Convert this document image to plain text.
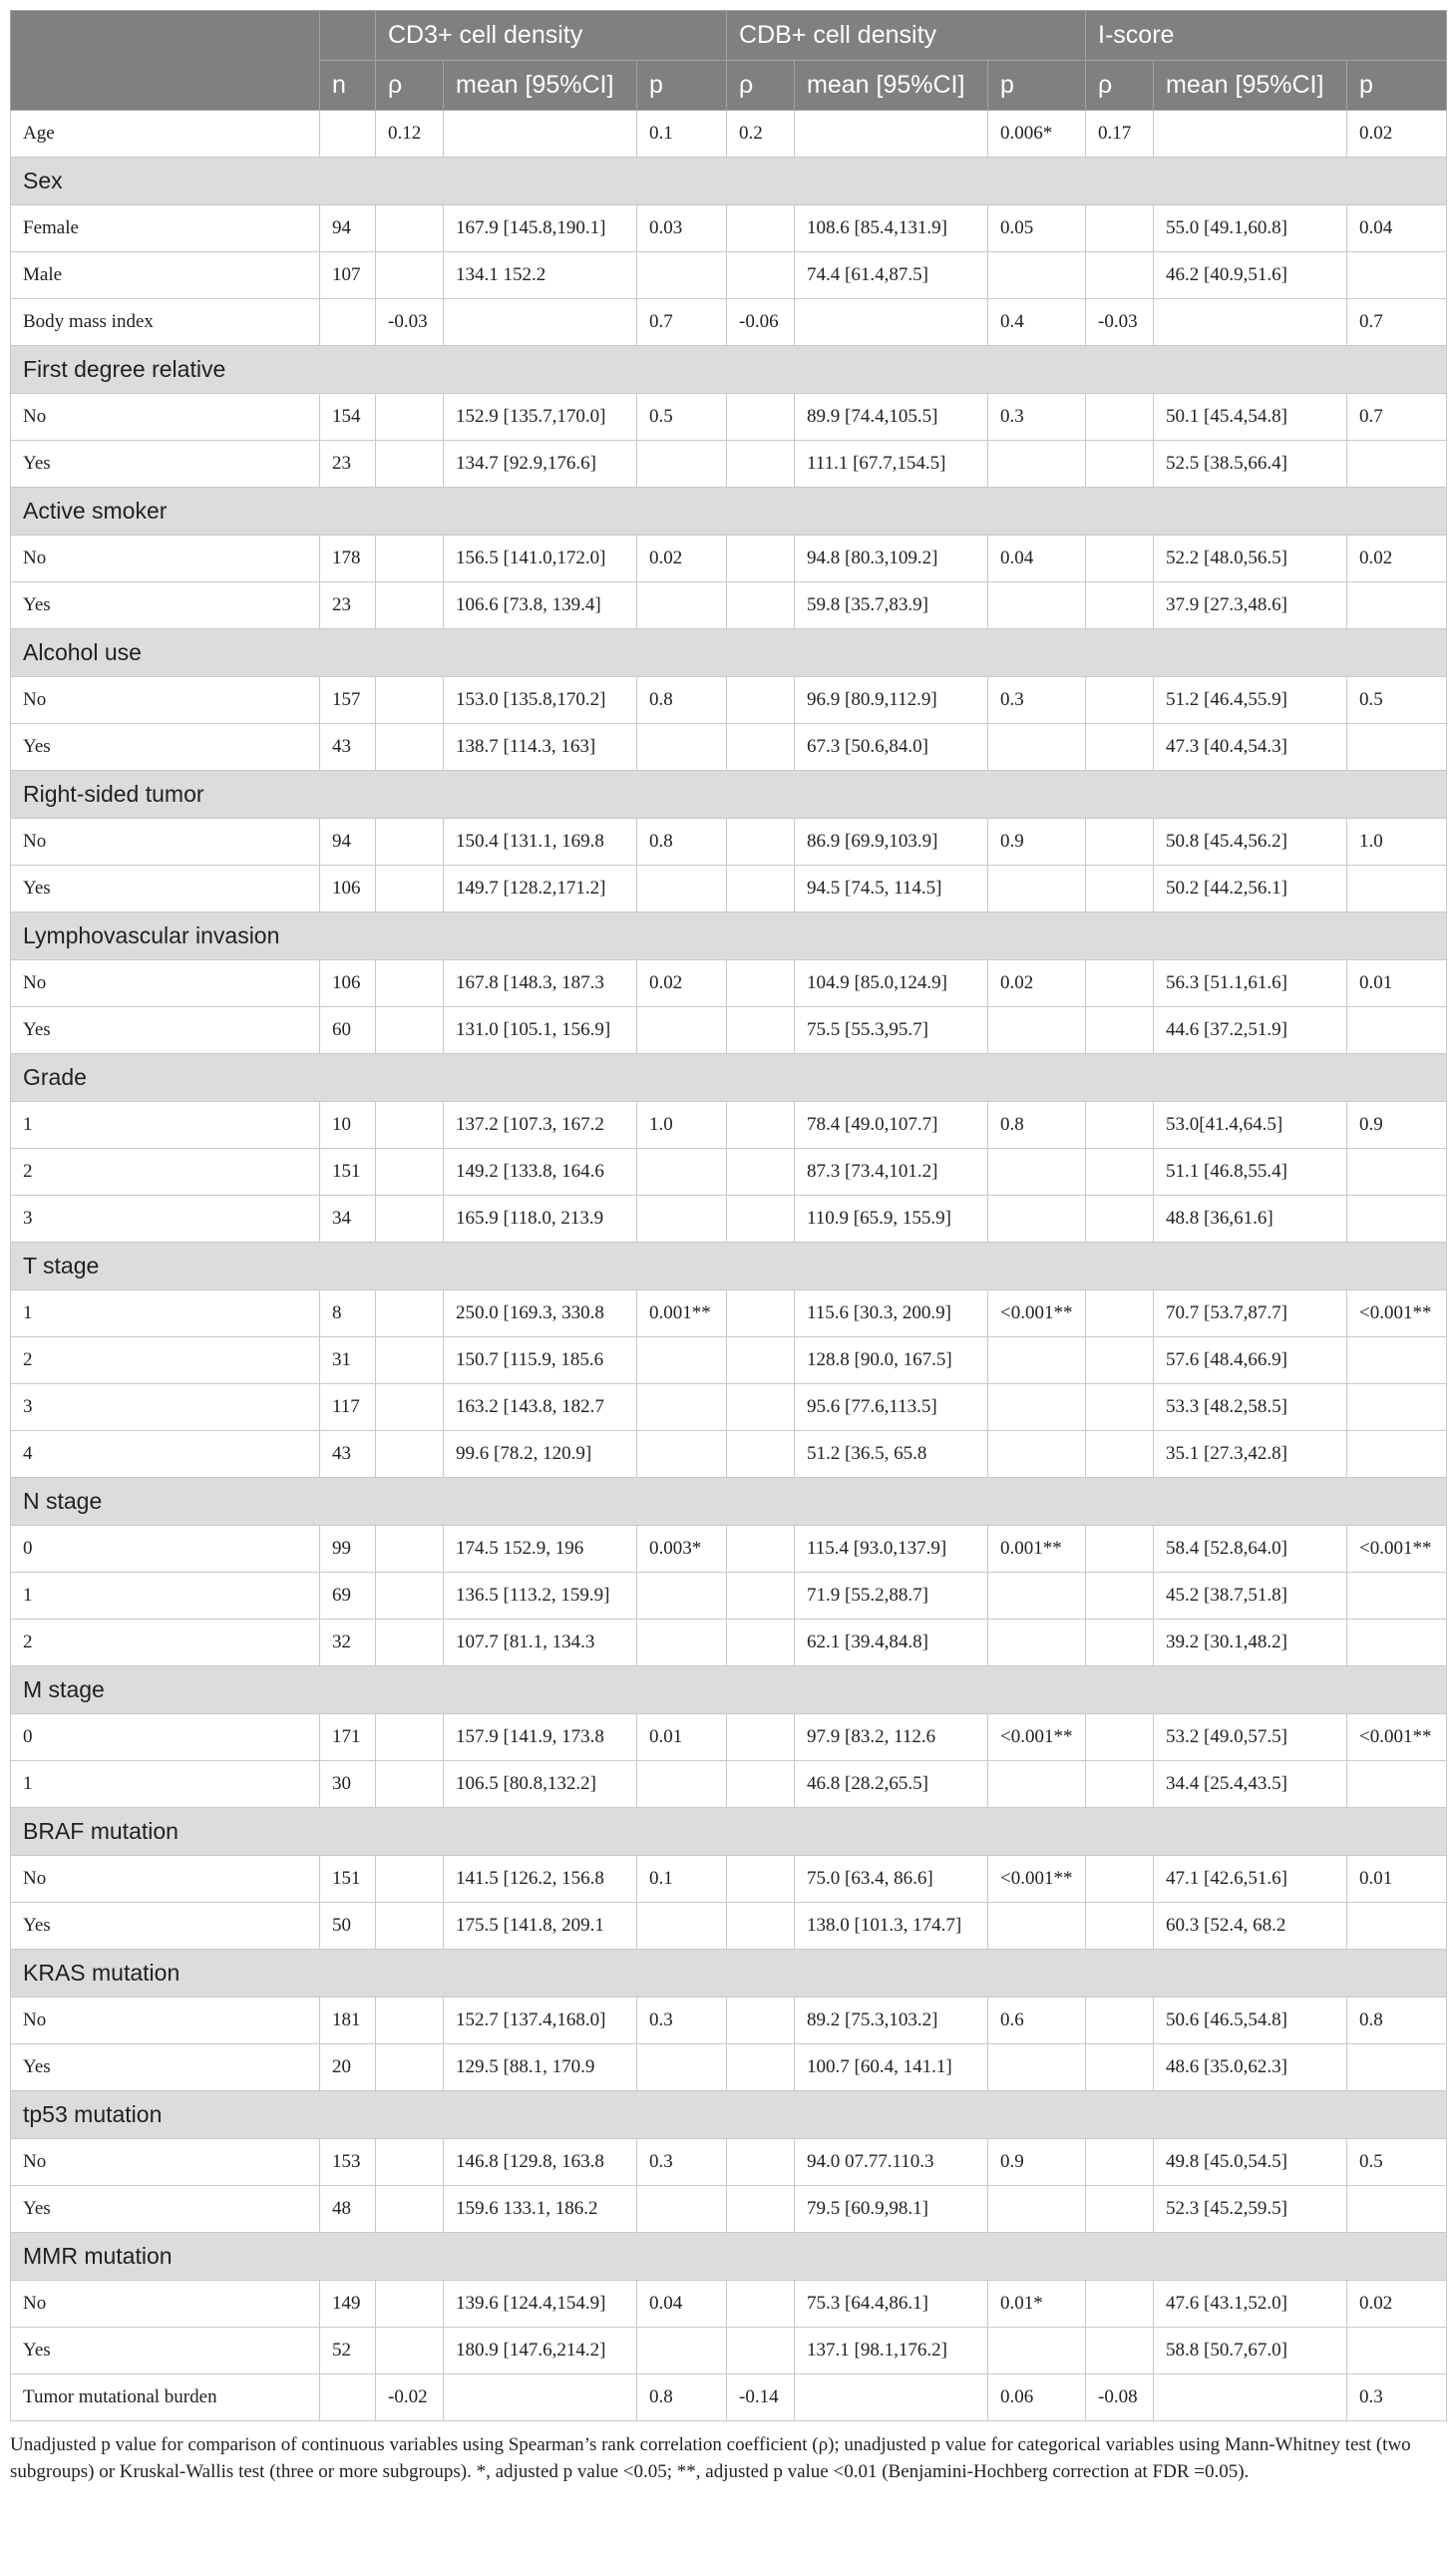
		CD3+ cell density			CDB+ cell density			I-score		
	n	ρ	mean [95%CI]	p	ρ	mean [95%CI]	p	ρ	mean [95%CI]	p
Age		0.12		0.1	0.2		0.006*	0.17		0.02
Sex										
Female	94		167.9 [145.8,190.1]	0.03		108.6 [85.4,131.9]	0.05		55.0 [49.1,60.8]	0.04
Male	107		134.1 152.2			74.4 [61.4,87.5]			46.2 [40.9,51.6]	
Body mass index		-0.03		0.7	-0.06		0.4	-0.03		0.7
First degree relative										
No	154		152.9 [135.7,170.0]	0.5		89.9 [74.4,105.5]	0.3		50.1 [45.4,54.8]	0.7
Yes	23		134.7 [92.9,176.6]			111.1 [67.7,154.5]			52.5 [38.5,66.4]	
Active smoker										
No	178		156.5 [141.0,172.0]	0.02		94.8 [80.3,109.2]	0.04		52.2 [48.0,56.5]	0.02
Yes	23		106.6 [73.8, 139.4]			59.8 [35.7,83.9]			37.9 [27.3,48.6]	
Alcohol use										
No	157		153.0 [135.8,170.2]	0.8		96.9 [80.9,112.9]	0.3		51.2 [46.4,55.9]	0.5
Yes	43		138.7 [114.3, 163]			67.3 [50.6,84.0]			47.3 [40.4,54.3]	
Right-sided tumor										
No	94		150.4 [131.1, 169.8	0.8		86.9 [69.9,103.9]	0.9		50.8 [45.4,56.2]	1.0
Yes	106		149.7 [128.2,171.2]			94.5 [74.5, 114.5]			50.2 [44.2,56.1]	
Lymphovascular invasion										
No	106		167.8 [148.3, 187.3	0.02		104.9 [85.0,124.9]	0.02		56.3 [51.1,61.6]	0.01
Yes	60		131.0 [105.1, 156.9]			75.5 [55.3,95.7]			44.6 [37.2,51.9]	
Grade										
1	10		137.2 [107.3, 167.2	1.0		78.4 [49.0,107.7]	0.8		53.0[41.4,64.5]	0.9
2	151		149.2 [133.8, 164.6			87.3 [73.4,101.2]			51.1 [46.8,55.4]	
3	34		165.9 [118.0, 213.9			110.9 [65.9, 155.9]			48.8 [36,61.6]	
T stage										
1	8		250.0 [169.3, 330.8	0.001**		115.6 [30.3, 200.9]	<0.001**		70.7 [53.7,87.7]	<0.001**
2	31		150.7 [115.9, 185.6			128.8 [90.0, 167.5]			57.6 [48.4,66.9]	
3	117		163.2 [143.8, 182.7			95.6 [77.6,113.5]			53.3 [48.2,58.5]	
4	43		99.6 [78.2, 120.9]			51.2 [36.5, 65.8			35.1 [27.3,42.8]	
N stage										
0	99		174.5 152.9, 196	0.003*		115.4 [93.0,137.9]	0.001**		58.4 [52.8,64.0]	<0.001**
1	69		136.5 [113.2, 159.9]			71.9 [55.2,88.7]			45.2 [38.7,51.8]	
2	32		107.7 [81.1, 134.3			62.1 [39.4,84.8]			39.2 [30.1,48.2]	
M stage										
0	171		157.9 [141.9, 173.8	0.01		97.9 [83.2, 112.6	<0.001**		53.2 [49.0,57.5]	<0.001**
1	30		106.5 [80.8,132.2]			46.8 [28.2,65.5]			34.4 [25.4,43.5]	
BRAF mutation										
No	151		141.5 [126.2, 156.8	0.1		75.0 [63.4, 86.6]	<0.001**		47.1 [42.6,51.6]	0.01
Yes	50		175.5 [141.8, 209.1			138.0 [101.3, 174.7]			60.3 [52.4, 68.2	
KRAS mutation										
No	181		152.7 [137.4,168.0]	0.3		89.2 [75.3,103.2]	0.6		50.6 [46.5,54.8]	0.8
Yes	20		129.5 [88.1, 170.9			100.7 [60.4, 141.1]			48.6 [35.0,62.3]	
tp53 mutation										
No	153		146.8 [129.8, 163.8	0.3		94.0 07.77.110.3	0.9		49.8 [45.0,54.5]	0.5
Yes	48		159.6 133.1, 186.2			79.5 [60.9,98.1]			52.3 [45.2,59.5]	
MMR mutation										
No	149		139.6 [124.4,154.9]	0.04		75.3 [64.4,86.1]	0.01*		47.6 [43.1,52.0]	0.02
Yes	52		180.9 [147.6,214.2]			137.1 [98.1,176.2]			58.8 [50.7,67.0]	
Tumor mutational burden		-0.02		0.8	-0.14		0.06	-0.08		0.3
Unadjusted p value for comparison of continuous variables using Spearman’s rank correlation coefficient (ρ); unadjusted p value for categorical variables using Mann-Whitney test (two subgroups) or Kruskal-Wallis test (three or more subgroups). *, adjusted p value <0.05; **, adjusted p value <0.01 (Benjamini-Hochberg correction at FDR =0.05).
